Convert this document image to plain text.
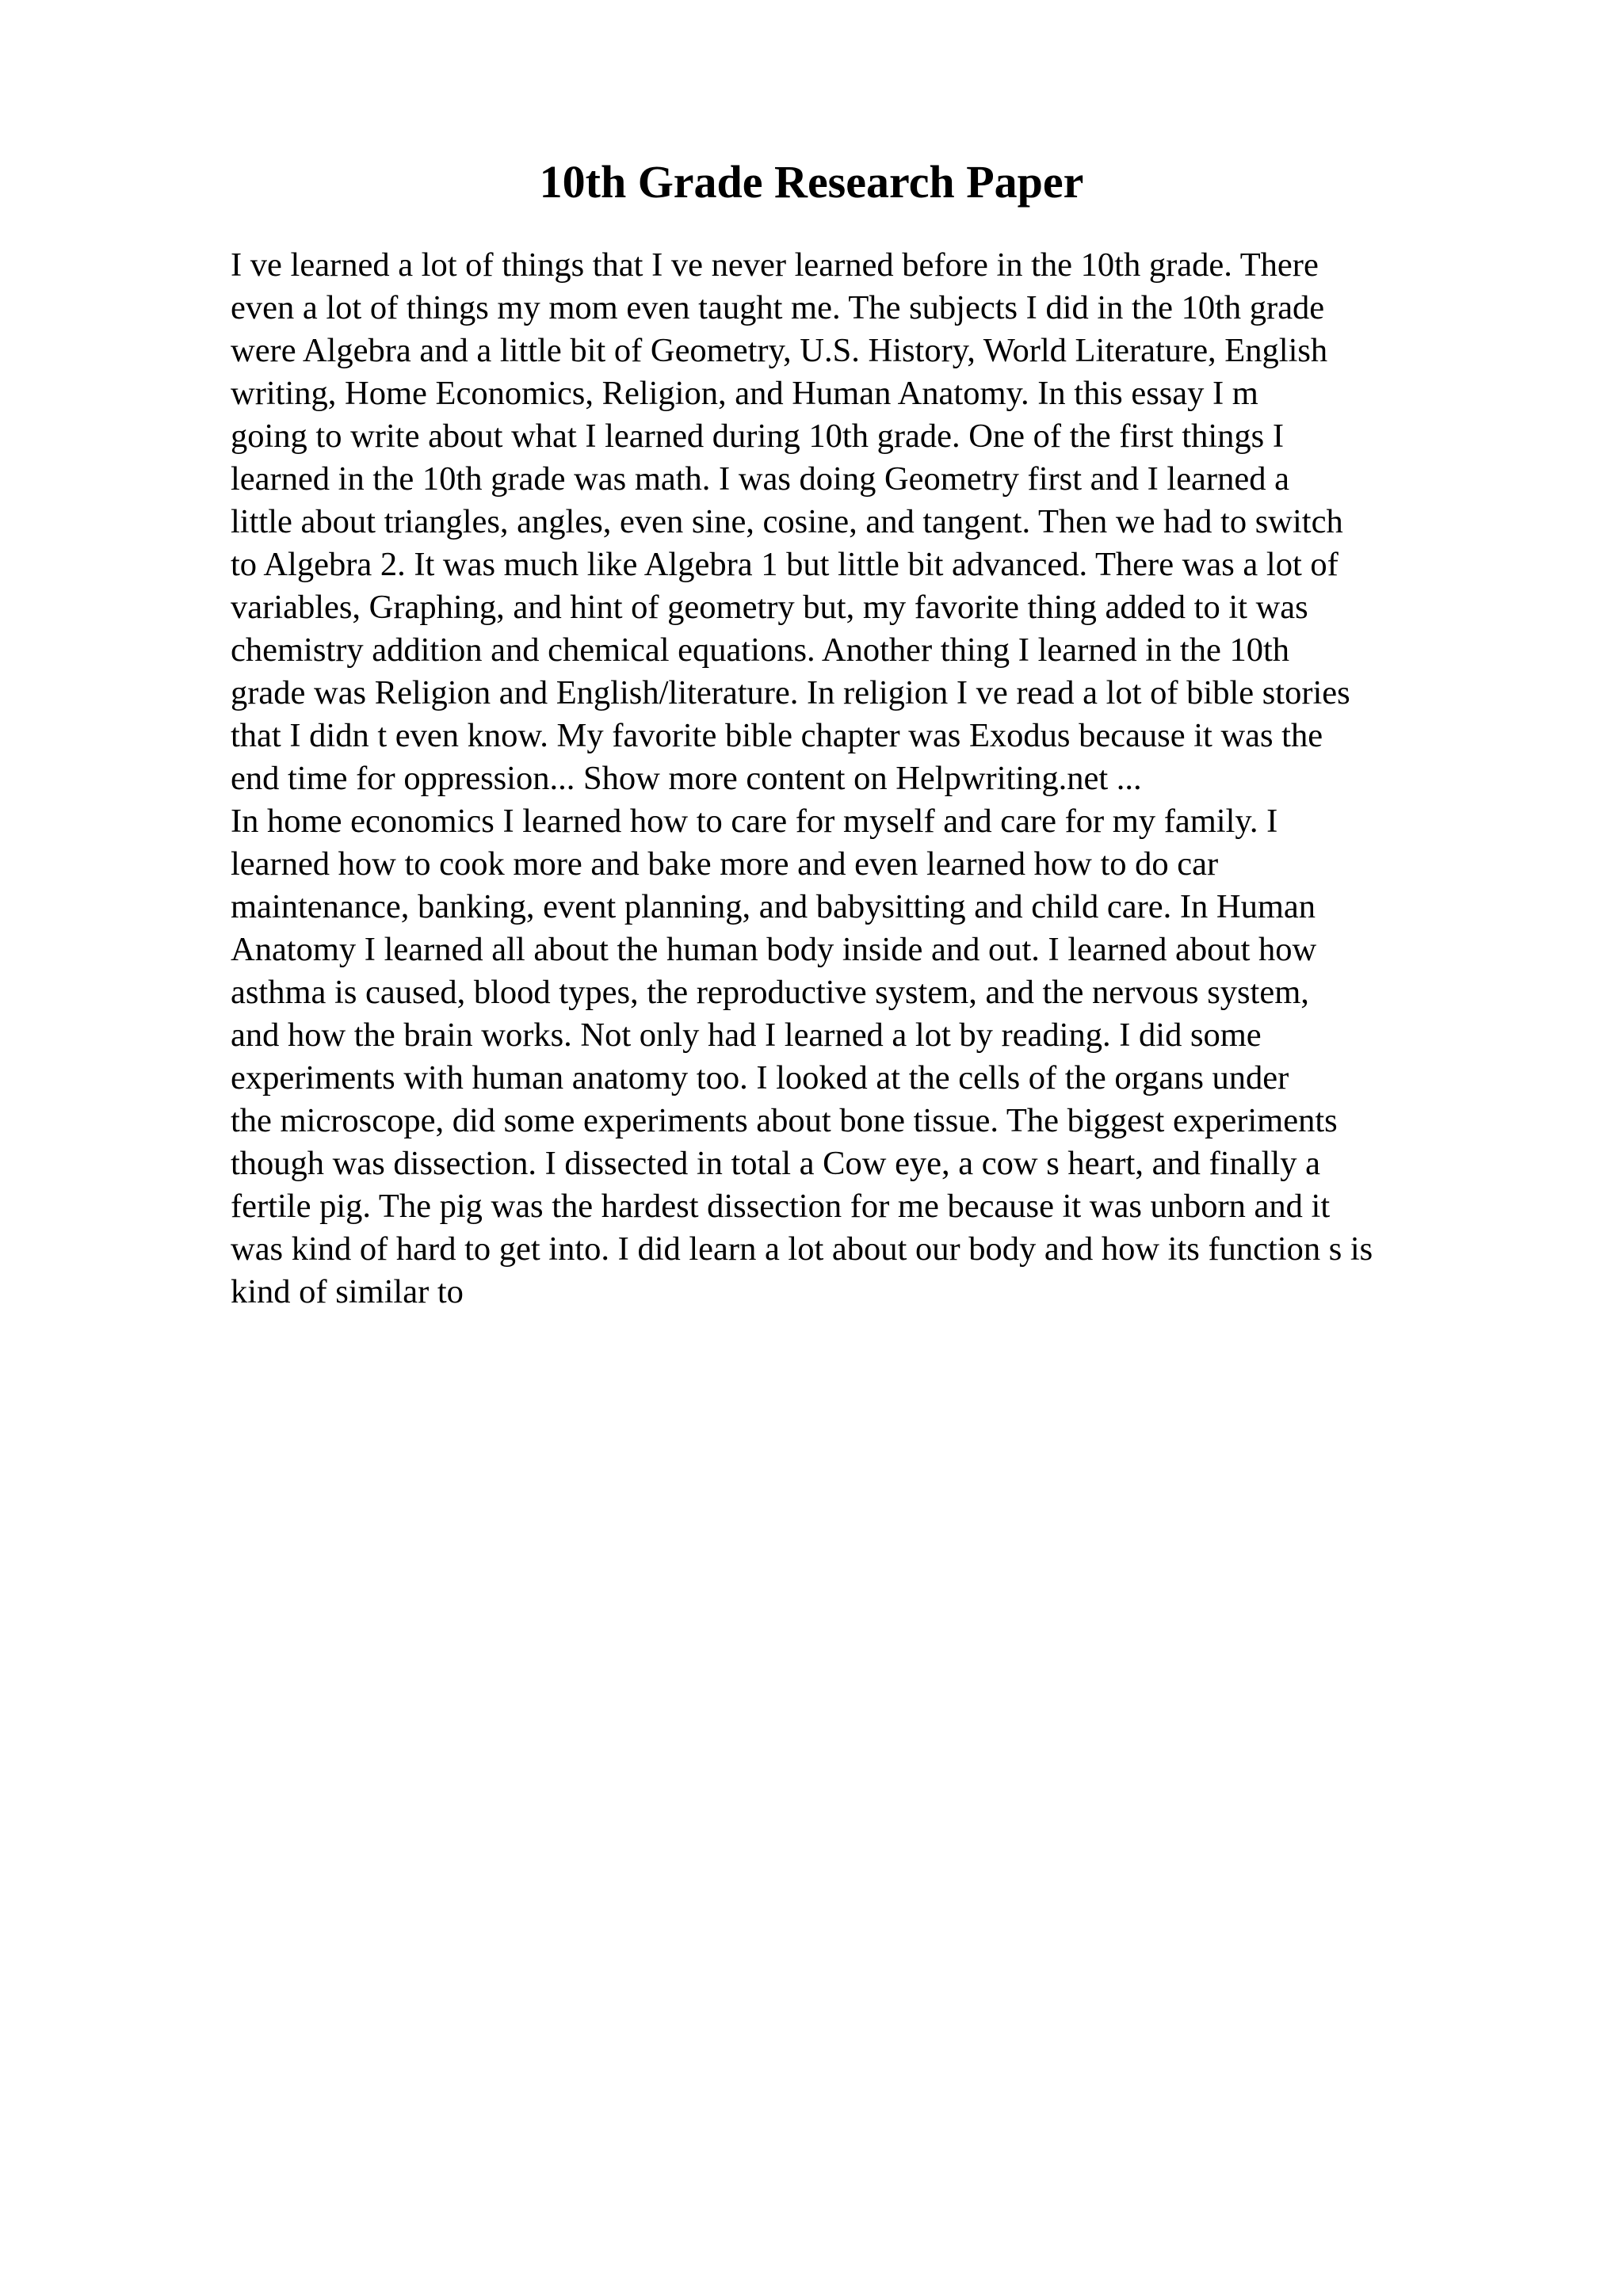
10th Grade Research Paper
I ve learned a lot of things that I ve never learned before in the 10th grade. There
even a lot of things my mom even taught me. The subjects I did in the 10th grade
were Algebra and a little bit of Geometry, U.S. History, World Literature, English
writing, Home Economics, Religion, and Human Anatomy. In this essay I m
going to write about what I learned during 10th grade. One of the first things I
learned in the 10th grade was math. I was doing Geometry first and I learned a
little about triangles, angles, even sine, cosine, and tangent. Then we had to switch
to Algebra 2. It was much like Algebra 1 but little bit advanced. There was a lot of
variables, Graphing, and hint of geometry but, my favorite thing added to it was
chemistry addition and chemical equations. Another thing I learned in the 10th
grade was Religion and English/literature. In religion I ve read a lot of bible stories
that I didn t even know. My favorite bible chapter was Exodus because it was the
end time for oppression... Show more content on Helpwriting.net ...
In home economics I learned how to care for myself and care for my family. I
learned how to cook more and bake more and even learned how to do car
maintenance, banking, event planning, and babysitting and child care. In Human
Anatomy I learned all about the human body inside and out. I learned about how
asthma is caused, blood types, the reproductive system, and the nervous system,
and how the brain works. Not only had I learned a lot by reading. I did some
experiments with human anatomy too. I looked at the cells of the organs under
the microscope, did some experiments about bone tissue. The biggest experiments
though was dissection. I dissected in total a Cow eye, a cow s heart, and finally a
fertile pig. The pig was the hardest dissection for me because it was unborn and it
was kind of hard to get into. I did learn a lot about our body and how its function s is
kind of similar to
